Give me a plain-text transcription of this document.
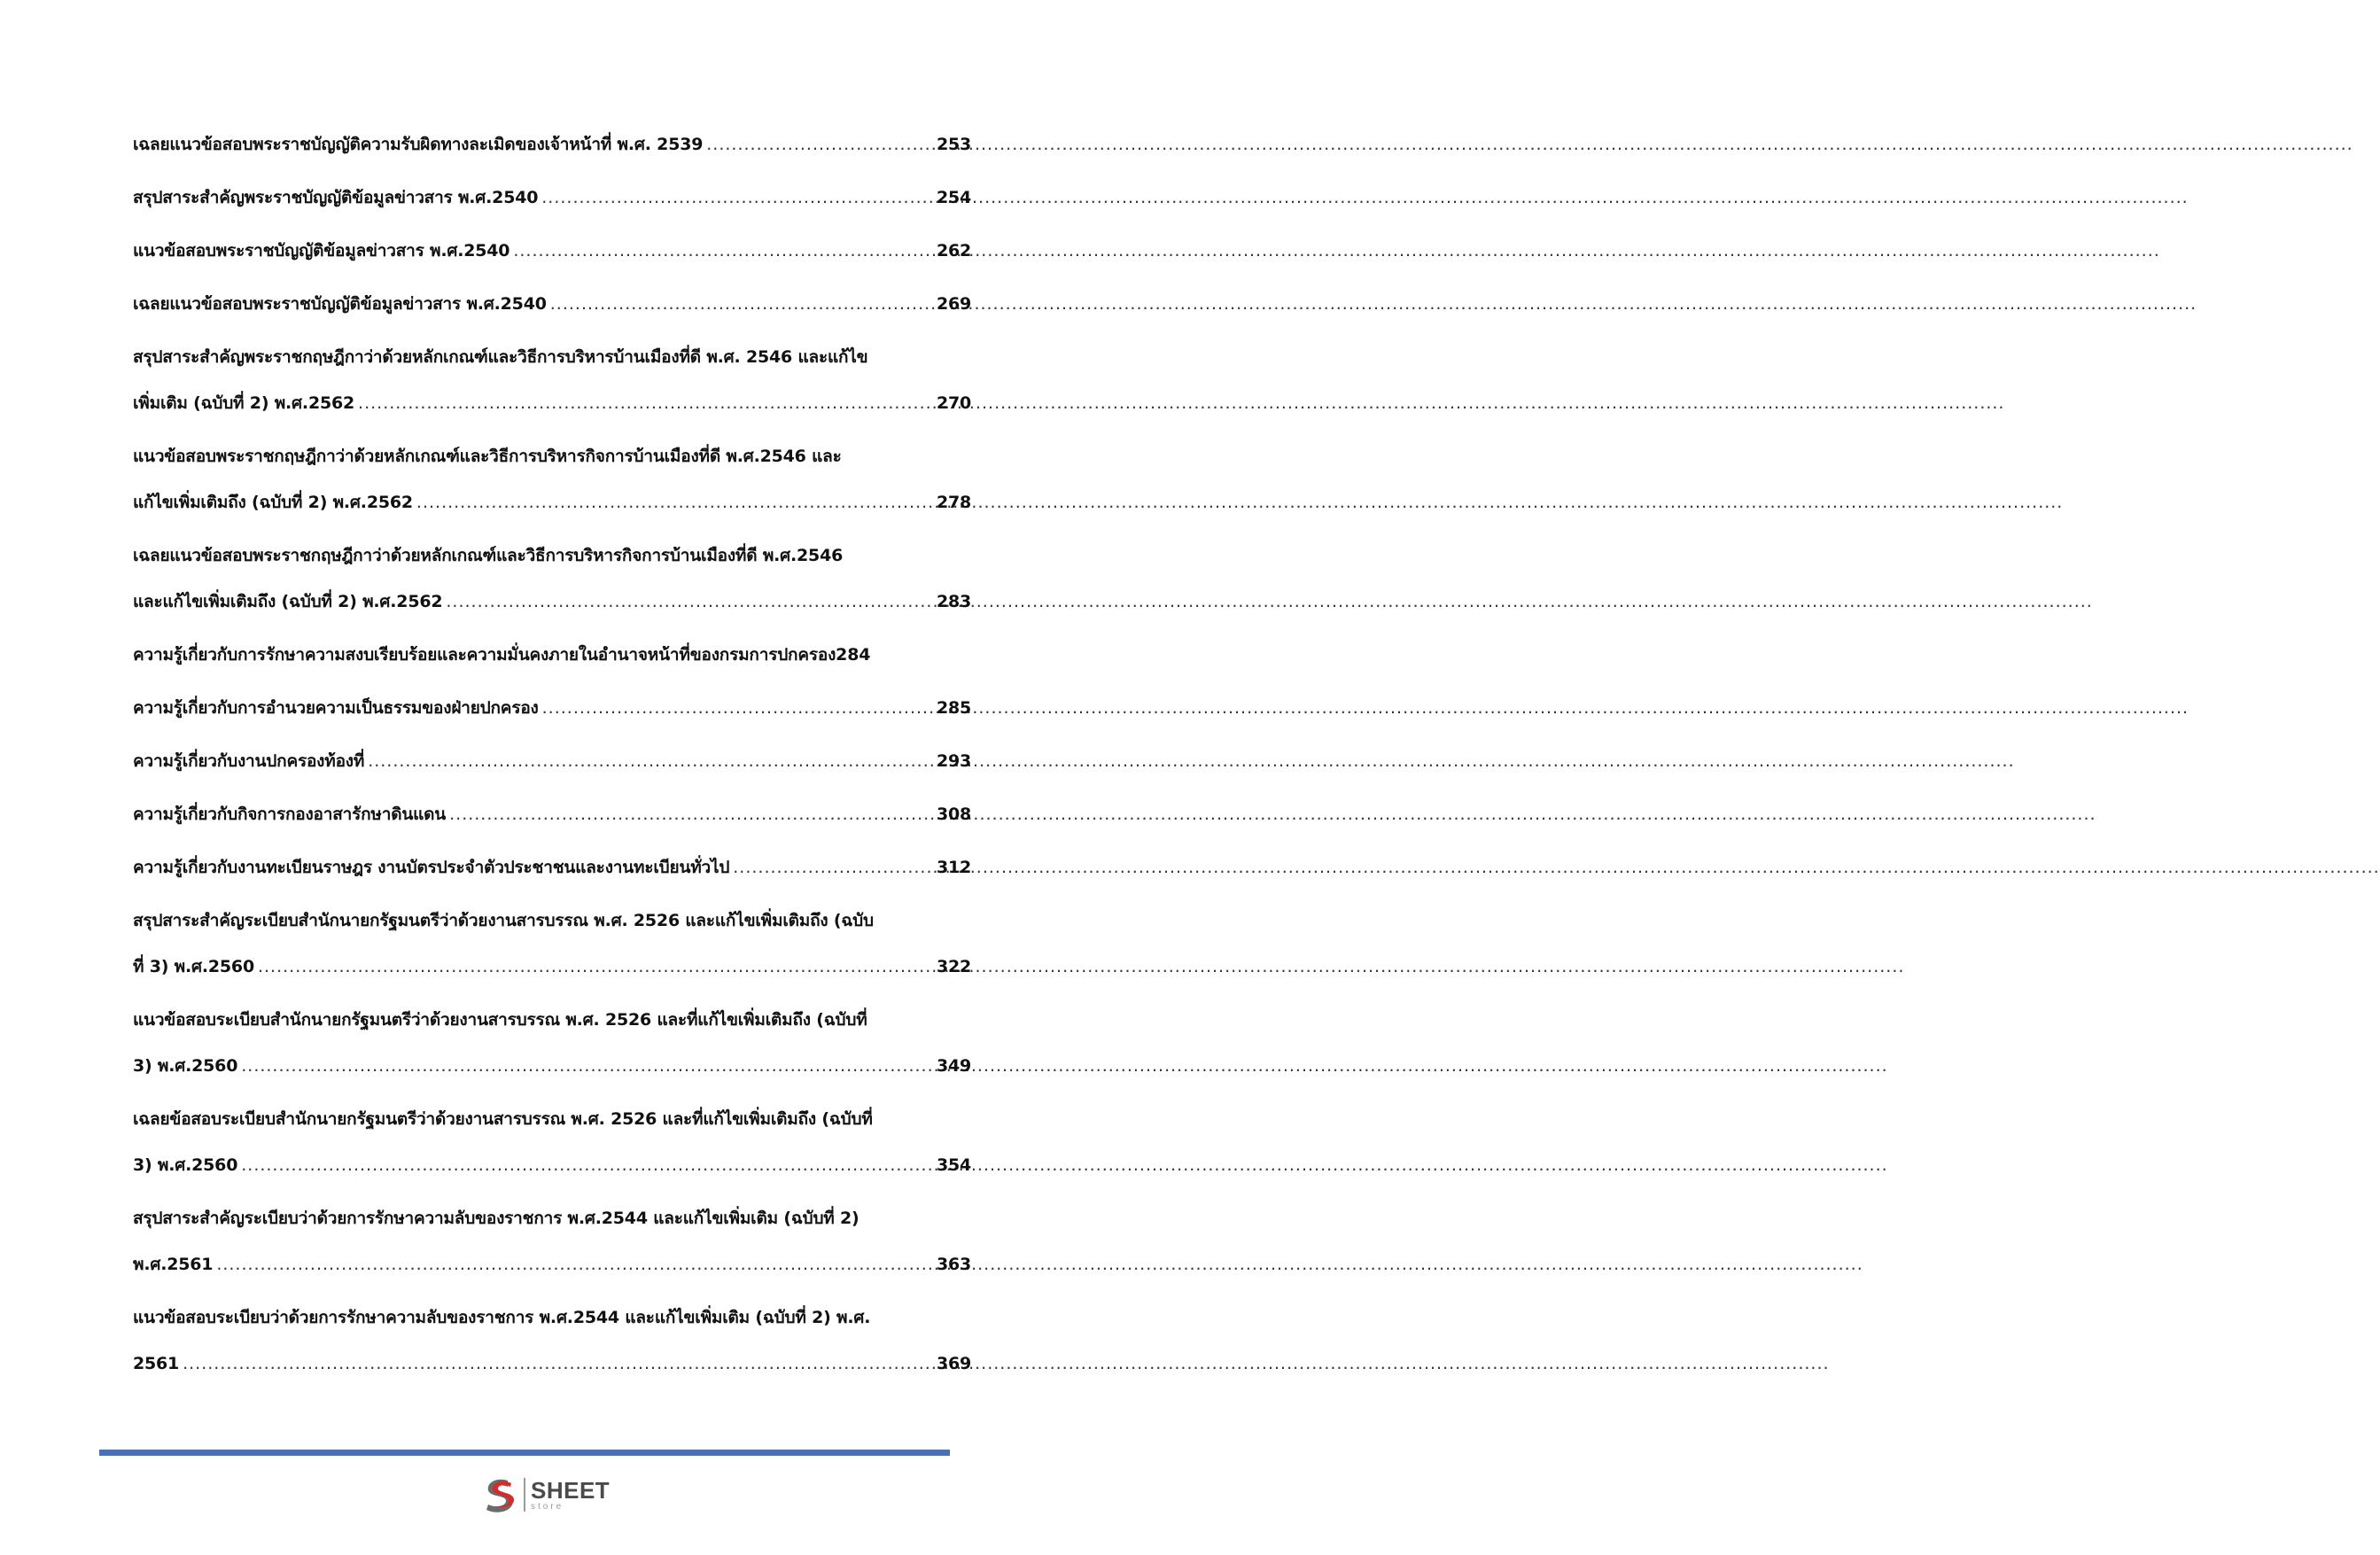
เฉลยแนวข้อสอบพระราชบัญญัติความรับผิดทางละเมิดของเจ้าหน้าที่ พ.ศ. 2539 .....	253
สรุปสาระสำคัญพระราชบัญญัติข้อมูลข่าวสาร พ.ศ.2540 .....	254
แนวข้อสอบพระราชบัญญัติข้อมูลข่าวสาร พ.ศ.2540 .....	262
เฉลยแนวข้อสอบพระราชบัญญัติข้อมูลข่าวสาร พ.ศ.2540 .....	269
สรุปสาระสำคัญพระราชกฤษฎีกาว่าด้วยหลักเกณฑ์และวิธีการบริหารบ้านเมืองที่ดี พ.ศ. 2546 และแก้ไข
เพิ่มเติม (ฉบับที่ 2) พ.ศ.2562 .....	270
แนวข้อสอบพระราชกฤษฎีกาว่าด้วยหลักเกณฑ์และวิธีการบริหารกิจการบ้านเมืองที่ดี พ.ศ.2546 และ
แก้ไขเพิ่มเติมถึง (ฉบับที่ 2) พ.ศ.2562 .....	278
เฉลยแนวข้อสอบพระราชกฤษฎีกาว่าด้วยหลักเกณฑ์และวิธีการบริหารกิจการบ้านเมืองที่ดี พ.ศ.2546
และแก้ไขเพิ่มเติมถึง (ฉบับที่ 2) พ.ศ.2562 .....	283
ความรู้เกี่ยวกับการรักษาความสงบเรียบร้อยและความมั่นคงภายในอำนาจหน้าที่ของกรมการปกครอง 284
ความรู้เกี่ยวกับการอำนวยความเป็นธรรมของฝ่ายปกครอง .....	285
ความรู้เกี่ยวกับงานปกครองท้องที่ .....	293
ความรู้เกี่ยวกับกิจการกองอาสารักษาดินแดน .....	308
ความรู้เกี่ยวกับงานทะเบียนราษฎร งานบัตรประจำตัวประชาชนและงานทะเบียนทั่วไป .....	312
สรุปสาระสำคัญระเบียบสำนักนายกรัฐมนตรีว่าด้วยงานสารบรรณ พ.ศ. 2526 และแก้ไขเพิ่มเติมถึง (ฉบับ
ที่ 3) พ.ศ.2560 .....	322
แนวข้อสอบระเบียบสำนักนายกรัฐมนตรีว่าด้วยงานสารบรรณ พ.ศ. 2526 และที่แก้ไขเพิ่มเติมถึง (ฉบับที่
3) พ.ศ.2560 .....	349
เฉลยข้อสอบระเบียบสำนักนายกรัฐมนตรีว่าด้วยงานสารบรรณ พ.ศ. 2526 และที่แก้ไขเพิ่มเติมถึง (ฉบับที่
3) พ.ศ.2560 .....	354
สรุปสาระสำคัญระเบียบว่าด้วยการรักษาความลับของราชการ พ.ศ.2544 และแก้ไขเพิ่มเติม (ฉบับที่ 2)
พ.ศ.2561 .....	363
แนวข้อสอบระเบียบว่าด้วยการรักษาความลับของราชการ พ.ศ.2544 และแก้ไขเพิ่มเติม (ฉบับที่ 2) พ.ศ.
2561 .....	369
SHEET
store
